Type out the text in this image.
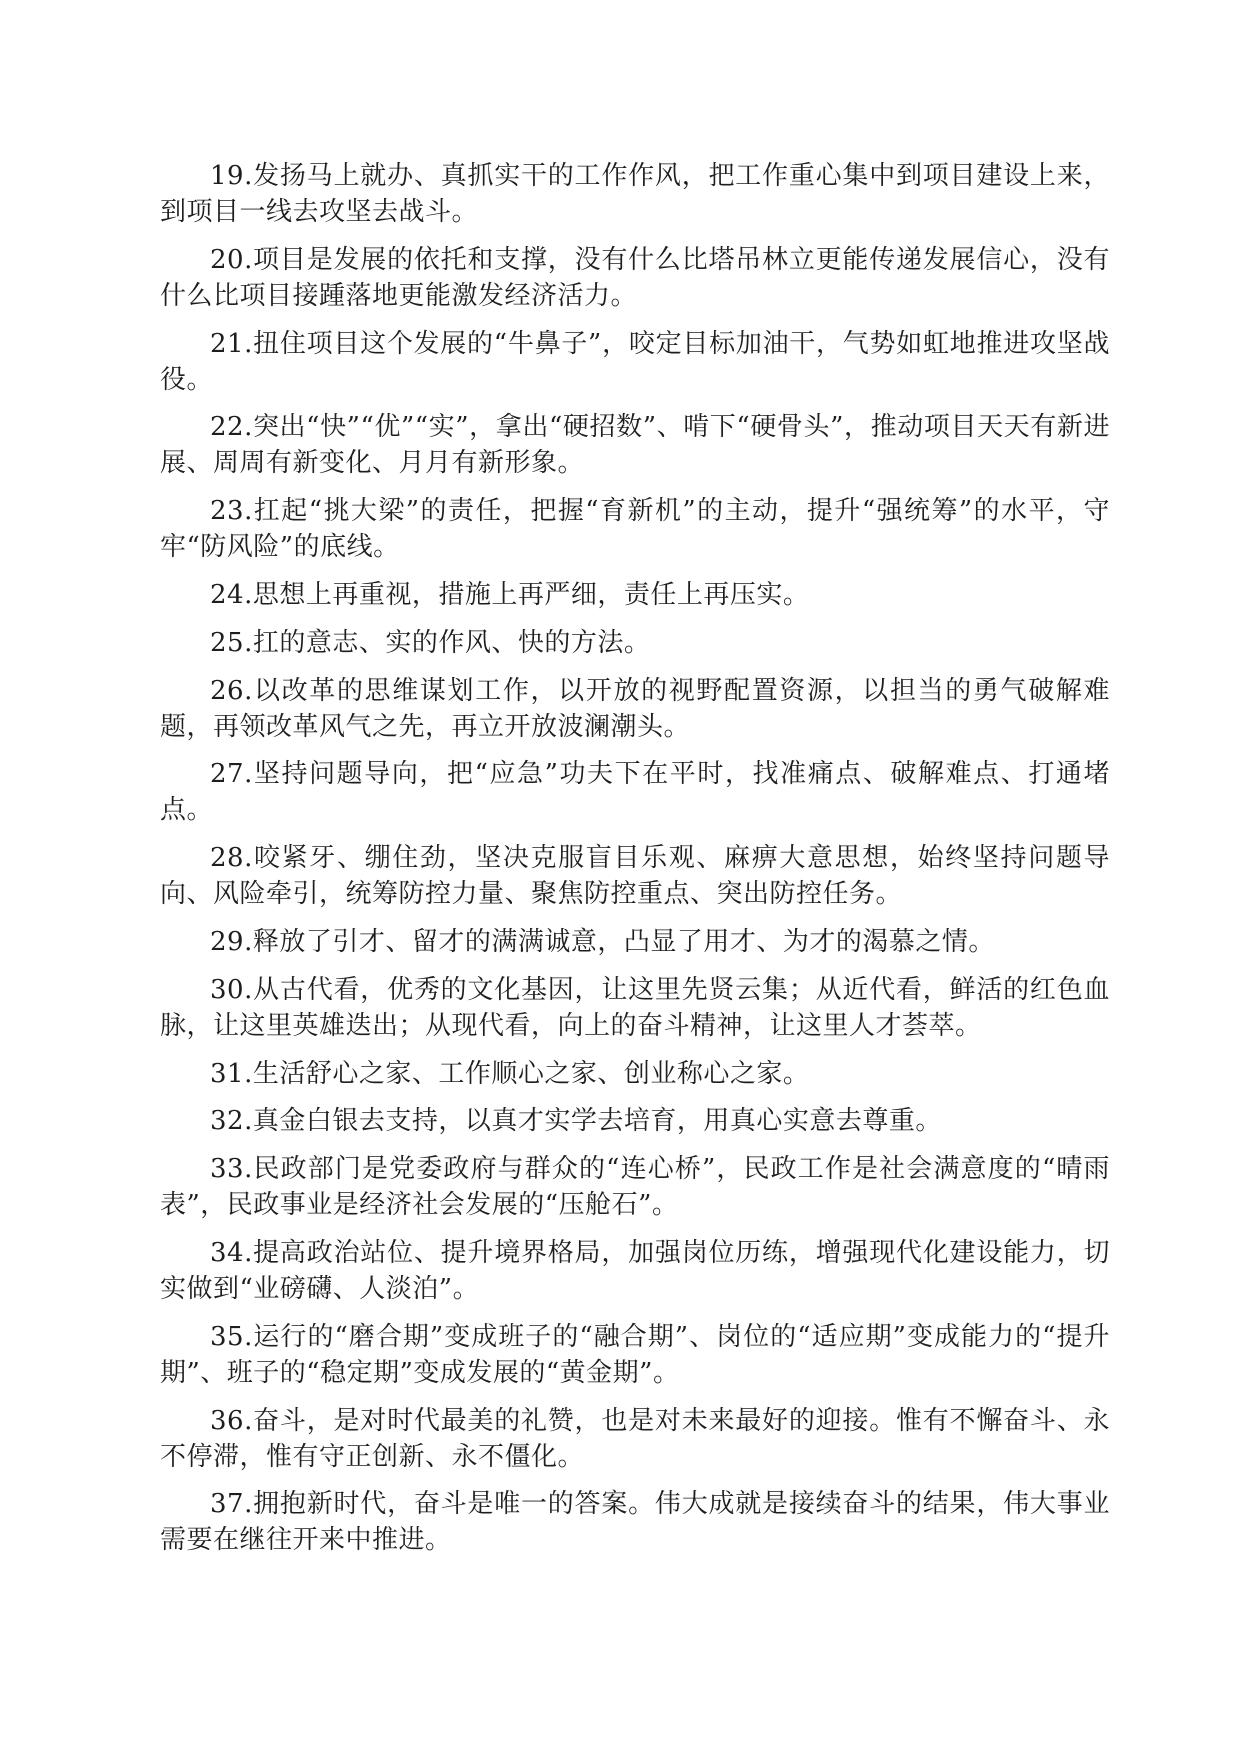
19.发扬马上就办、真抓实干的工作作风，把工作重心集中到项目建设上来，到项目一线去攻坚去战斗。

20.项目是发展的依托和支撑，没有什么比塔吊林立更能传递发展信心，没有什么比项目接踵落地更能激发经济活力。

21.扭住项目这个发展的“牛鼻子”，咬定目标加油干，气势如虹地推进攻坚战役。

22.突出“快”“优”“实”，拿出“硬招数”、啃下“硬骨头”，推动项目天天有新进展、周周有新变化、月月有新形象。

23.扛起“挑大梁”的责任，把握“育新机”的主动，提升“强统筹”的水平，守牢“防风险”的底线。

24.思想上再重视，措施上再严细，责任上再压实。

25.扛的意志、实的作风、快的方法。

26.以改革的思维谋划工作，以开放的视野配置资源，以担当的勇气破解难题，再领改革风气之先，再立开放波澜潮头。

27.坚持问题导向，把“应急”功夫下在平时，找准痛点、破解难点、打通堵点。

28.咬紧牙、绷住劲，坚决克服盲目乐观、麻痹大意思想，始终坚持问题导向、风险牵引，统筹防控力量、聚焦防控重点、突出防控任务。

29.释放了引才、留才的满满诚意，凸显了用才、为才的渴慕之情。

30.从古代看，优秀的文化基因，让这里先贤云集；从近代看，鲜活的红色血脉，让这里英雄迭出；从现代看，向上的奋斗精神，让这里人才荟萃。

31.生活舒心之家、工作顺心之家、创业称心之家。

32.真金白银去支持，以真才实学去培育，用真心实意去尊重。

33.民政部门是党委政府与群众的“连心桥”，民政工作是社会满意度的“晴雨表”，民政事业是经济社会发展的“压舱石”。

34.提高政治站位、提升境界格局，加强岗位历练，增强现代化建设能力，切实做到“业磅礴、人淡泊”。

35.运行的“磨合期”变成班子的“融合期”、岗位的“适应期”变成能力的“提升期”、班子的“稳定期”变成发展的“黄金期”。

36.奋斗，是对时代最美的礼赞，也是对未来最好的迎接。惟有不懈奋斗、永不停滞，惟有守正创新、永不僵化。

37.拥抱新时代，奋斗是唯一的答案。伟大成就是接续奋斗的结果，伟大事业需要在继往开来中推进。
